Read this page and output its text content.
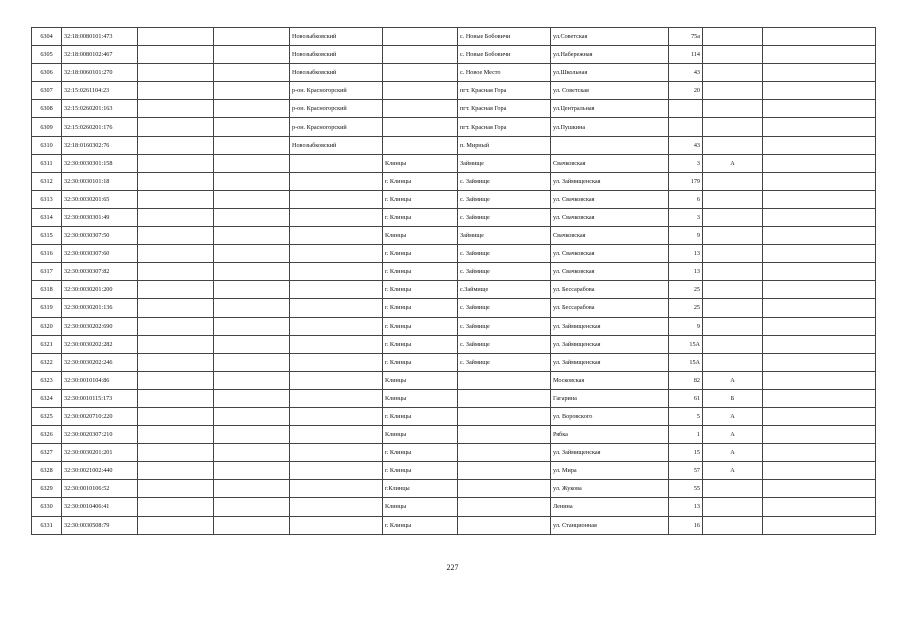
6304	32:18:0080101:473			Новозыбковский		с. Новые Бобовичи	ул.Советская	75а		
6305	32:18:0080102:467			Новозыбковский		с. Новые Бобовичи	ул.Набережная	114		
6306	32:18:0060101:270			Новозыбковский		с. Новое Место	ул.Школьная	43		
6307	32:15:0261104:23			р-он. Красногорский		пгт. Красная Гора	ул. Советская	20		
6308	32:15:0260201:163			р-он. Красногорский		пгт. Красная Гора	ул.Центральная			
6309	32:15:0260201:176			р-он. Красногорский		пгт. Красная Гора	ул.Пушкина			
6310	32:18:0160302:76			Новозыбковский		п. Мирный		43		
6311	32:30:0030301:158				Клинцы	Займище	Свачковская	3	А	
6312	32:30:0030101:18				г. Клинцы	с. Займище	ул. Займищенская	179		
6313	32:30:0030201:65				г. Клинцы	с. Займище	ул. Свачковская	6		
6314	32:30:0030301:49				г. Клинцы	с. Займище	ул. Свачковская	3		
6315	32:30:0030307:50				Клинцы	Займище	Свачковская	9		
6316	32:30:0030307:60				г. Клинцы	с. Займище	ул. Свачковская	13		
6317	32:30:0030307:82				г. Клинцы	с. Займище	ул. Свачковская	13		
6318	32:30:0030201:200				г. Клинцы	с.Займище	ул. Бессарабова	25		
6319	32:30:0030201:136				г. Клинцы	с. Займище	ул. Бессарабова	25		
6320	32:30:0030202:690				г. Клинцы	с. Займище	ул. Займищенская	9		
6321	32:30:0030202:282				г. Клинцы	с. Займище	ул. Займищенская	15А		
6322	32:30:0030202:246				г. Клинцы	с. Займище	ул. Займищенская	15А		
6323	32:30:0010104:86				Клинцы		Московская	82	А	
6324	32:30:0010115:173				Клинцы		Гагарина	61	Б	
6325	32:30:0020710:220				г. Клинцы		ул. Воровского	5	А	
6326	32:30:0020307:210				Клинцы		Рябка	1	А	
6327	32:30:0030201:201				г. Клинцы		ул. Займищенская	15	А	
6328	32:30:0021002:440				г. Клинцы		ул. Мира	57	А	
6329	32:30:0010106:52				г.Клинцы		ул. Жукова	55		
6330	32:30:0010406:41				Клинцы		Ленина	13		
6331	32:30:0030508:79				г. Клинцы		ул. Станционная	16		
227
